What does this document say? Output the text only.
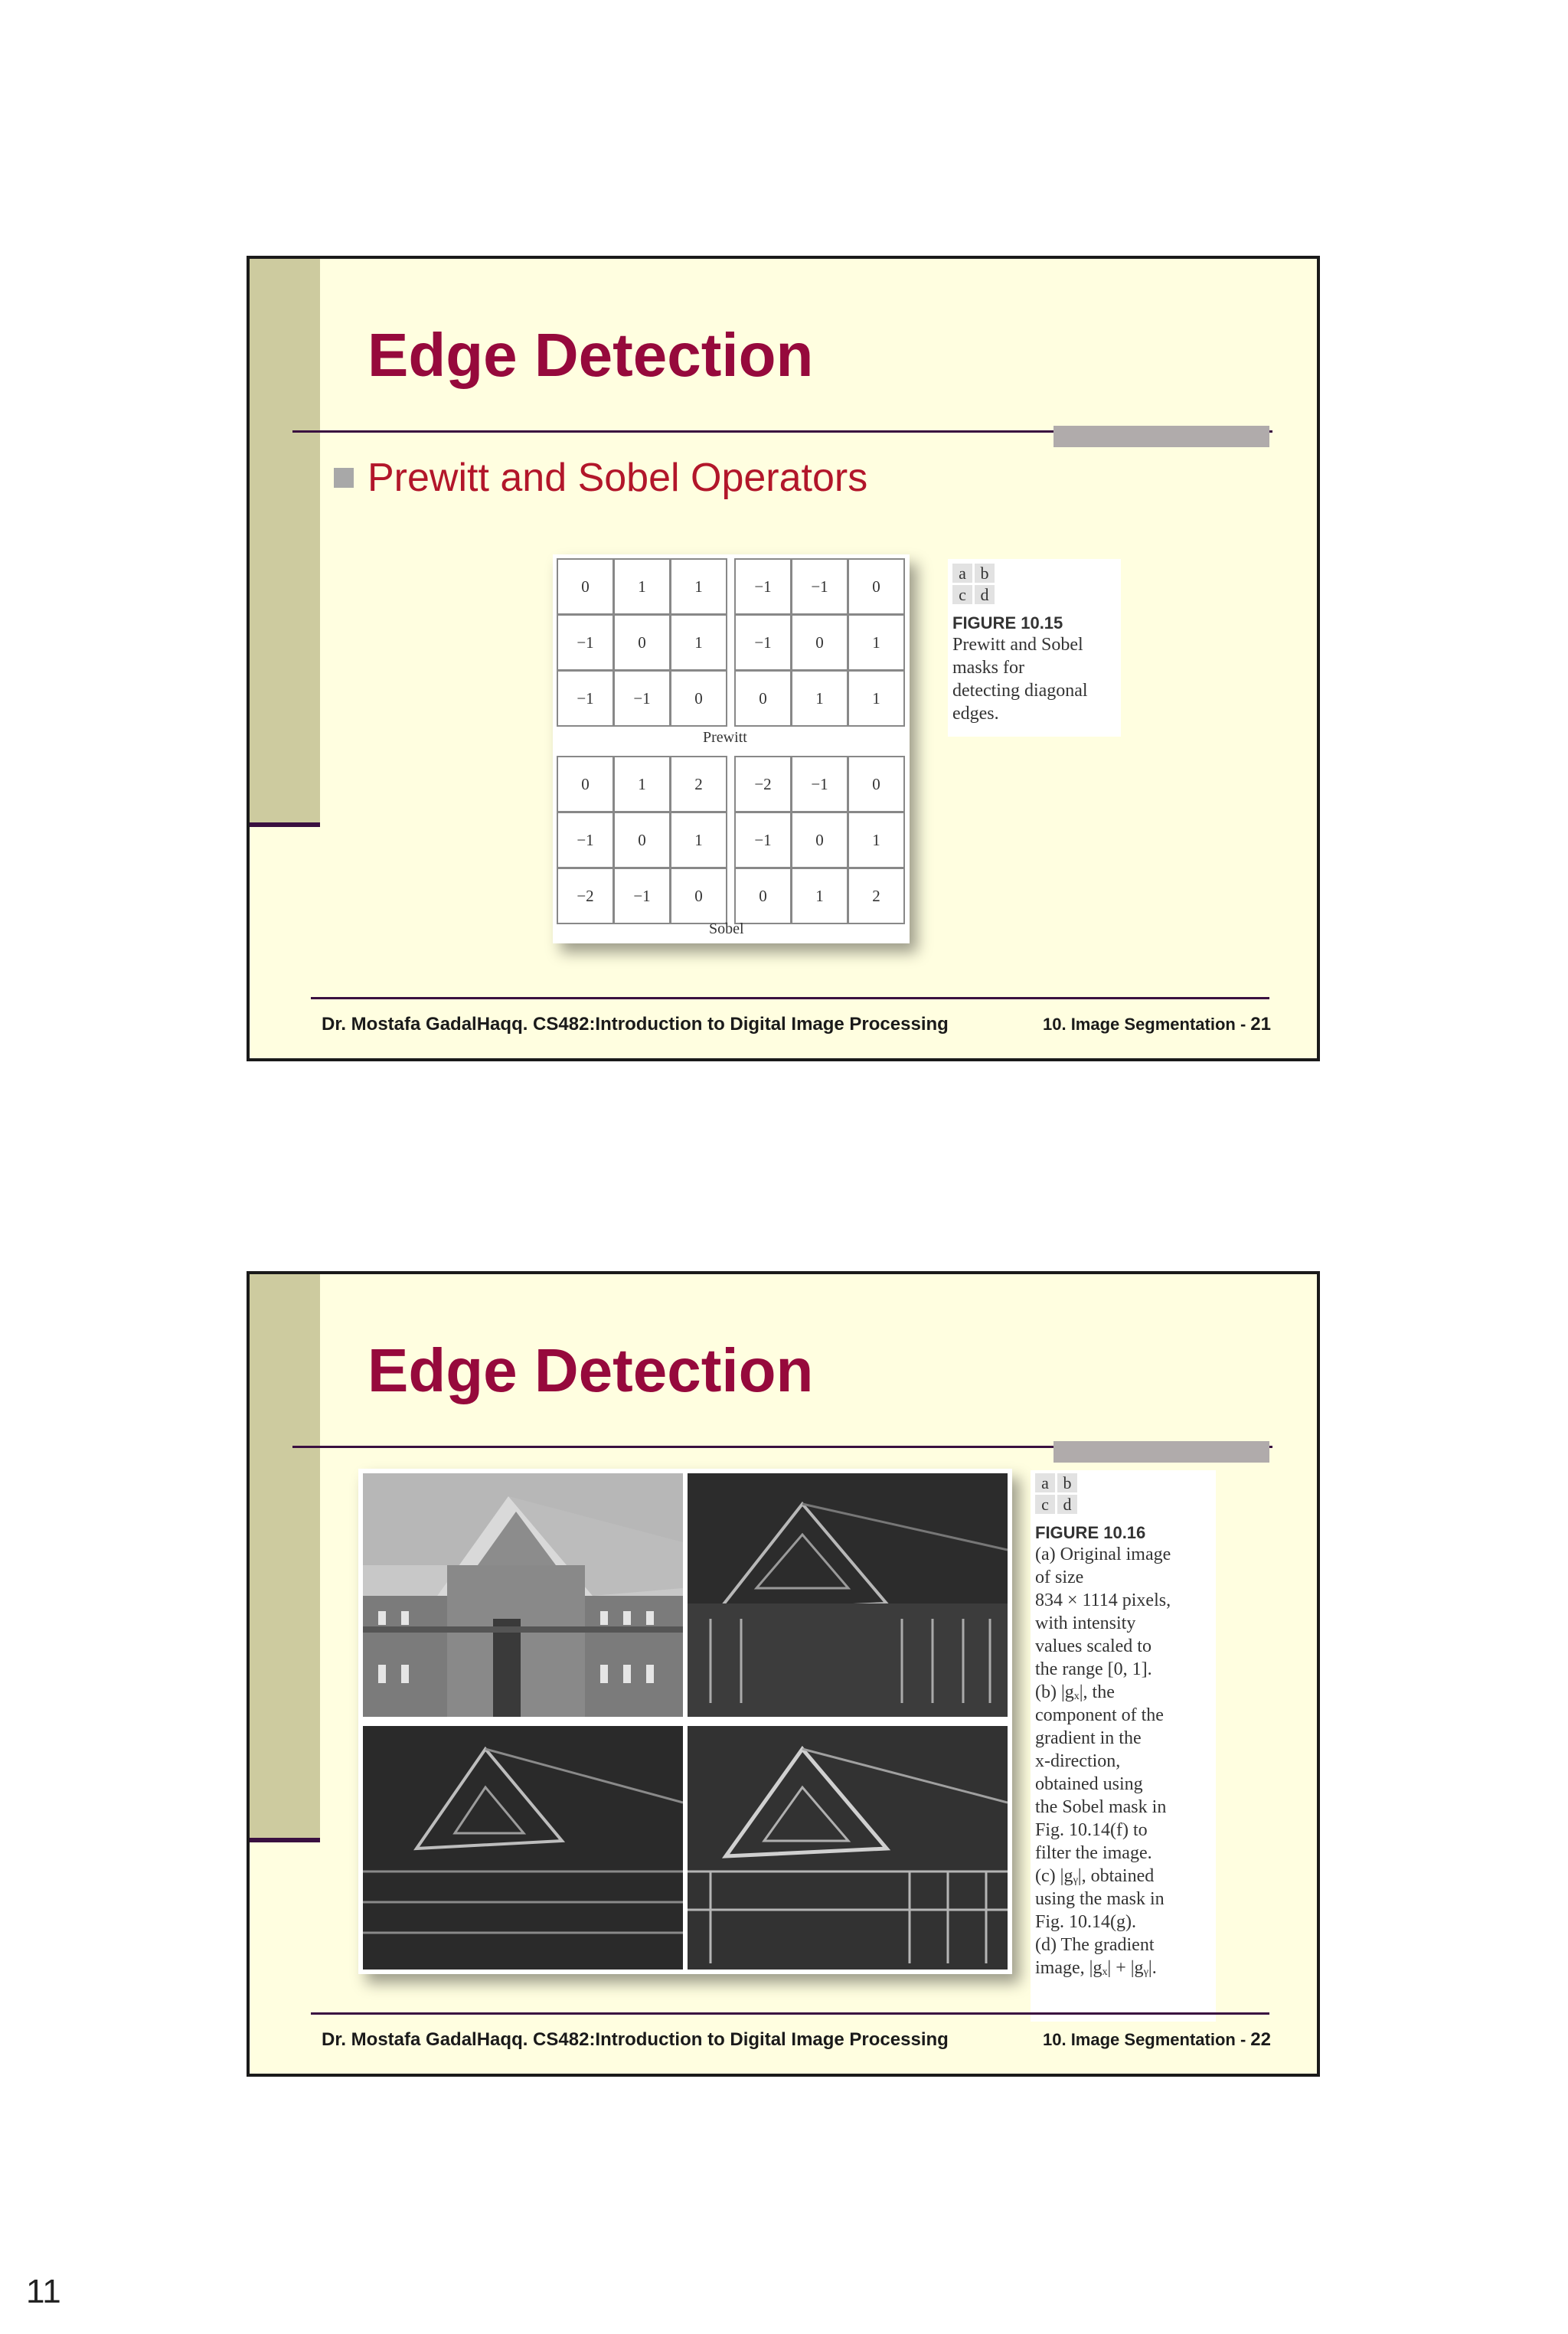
Edge Detection
Prewitt and Sobel Operators
0	1	1
−1	0	1
−1	−1	0
−1	−1	0
−1	0	1
0	1	1
Prewitt
0	1	2
−1	0	1
−2	−1	0
−2	−1	0
−1	0	1
0	1	2
Sobel
a b
c d
FIGURE 10.15
Prewitt and Sobel
masks for
detecting diagonal
edges.
Dr. Mostafa GadalHaqq. CS482:Introduction to Digital Image Processing	10. Image Segmentation - 21
Edge Detection
a b
c d
FIGURE 10.16
(a) Original image
of size
834 × 1114 pixels,
with intensity
values scaled to
the range [0, 1].
(b) |gₓ|, the
component of the
gradient in the
x-direction,
obtained using
the Sobel mask in
Fig. 10.14(f) to
filter the image.
(c) |gᵧ|, obtained
using the mask in
Fig. 10.14(g).
(d) The gradient
image, |gₓ| + |gᵧ|.
Dr. Mostafa GadalHaqq. CS482:Introduction to Digital Image Processing	10. Image Segmentation - 22
11
